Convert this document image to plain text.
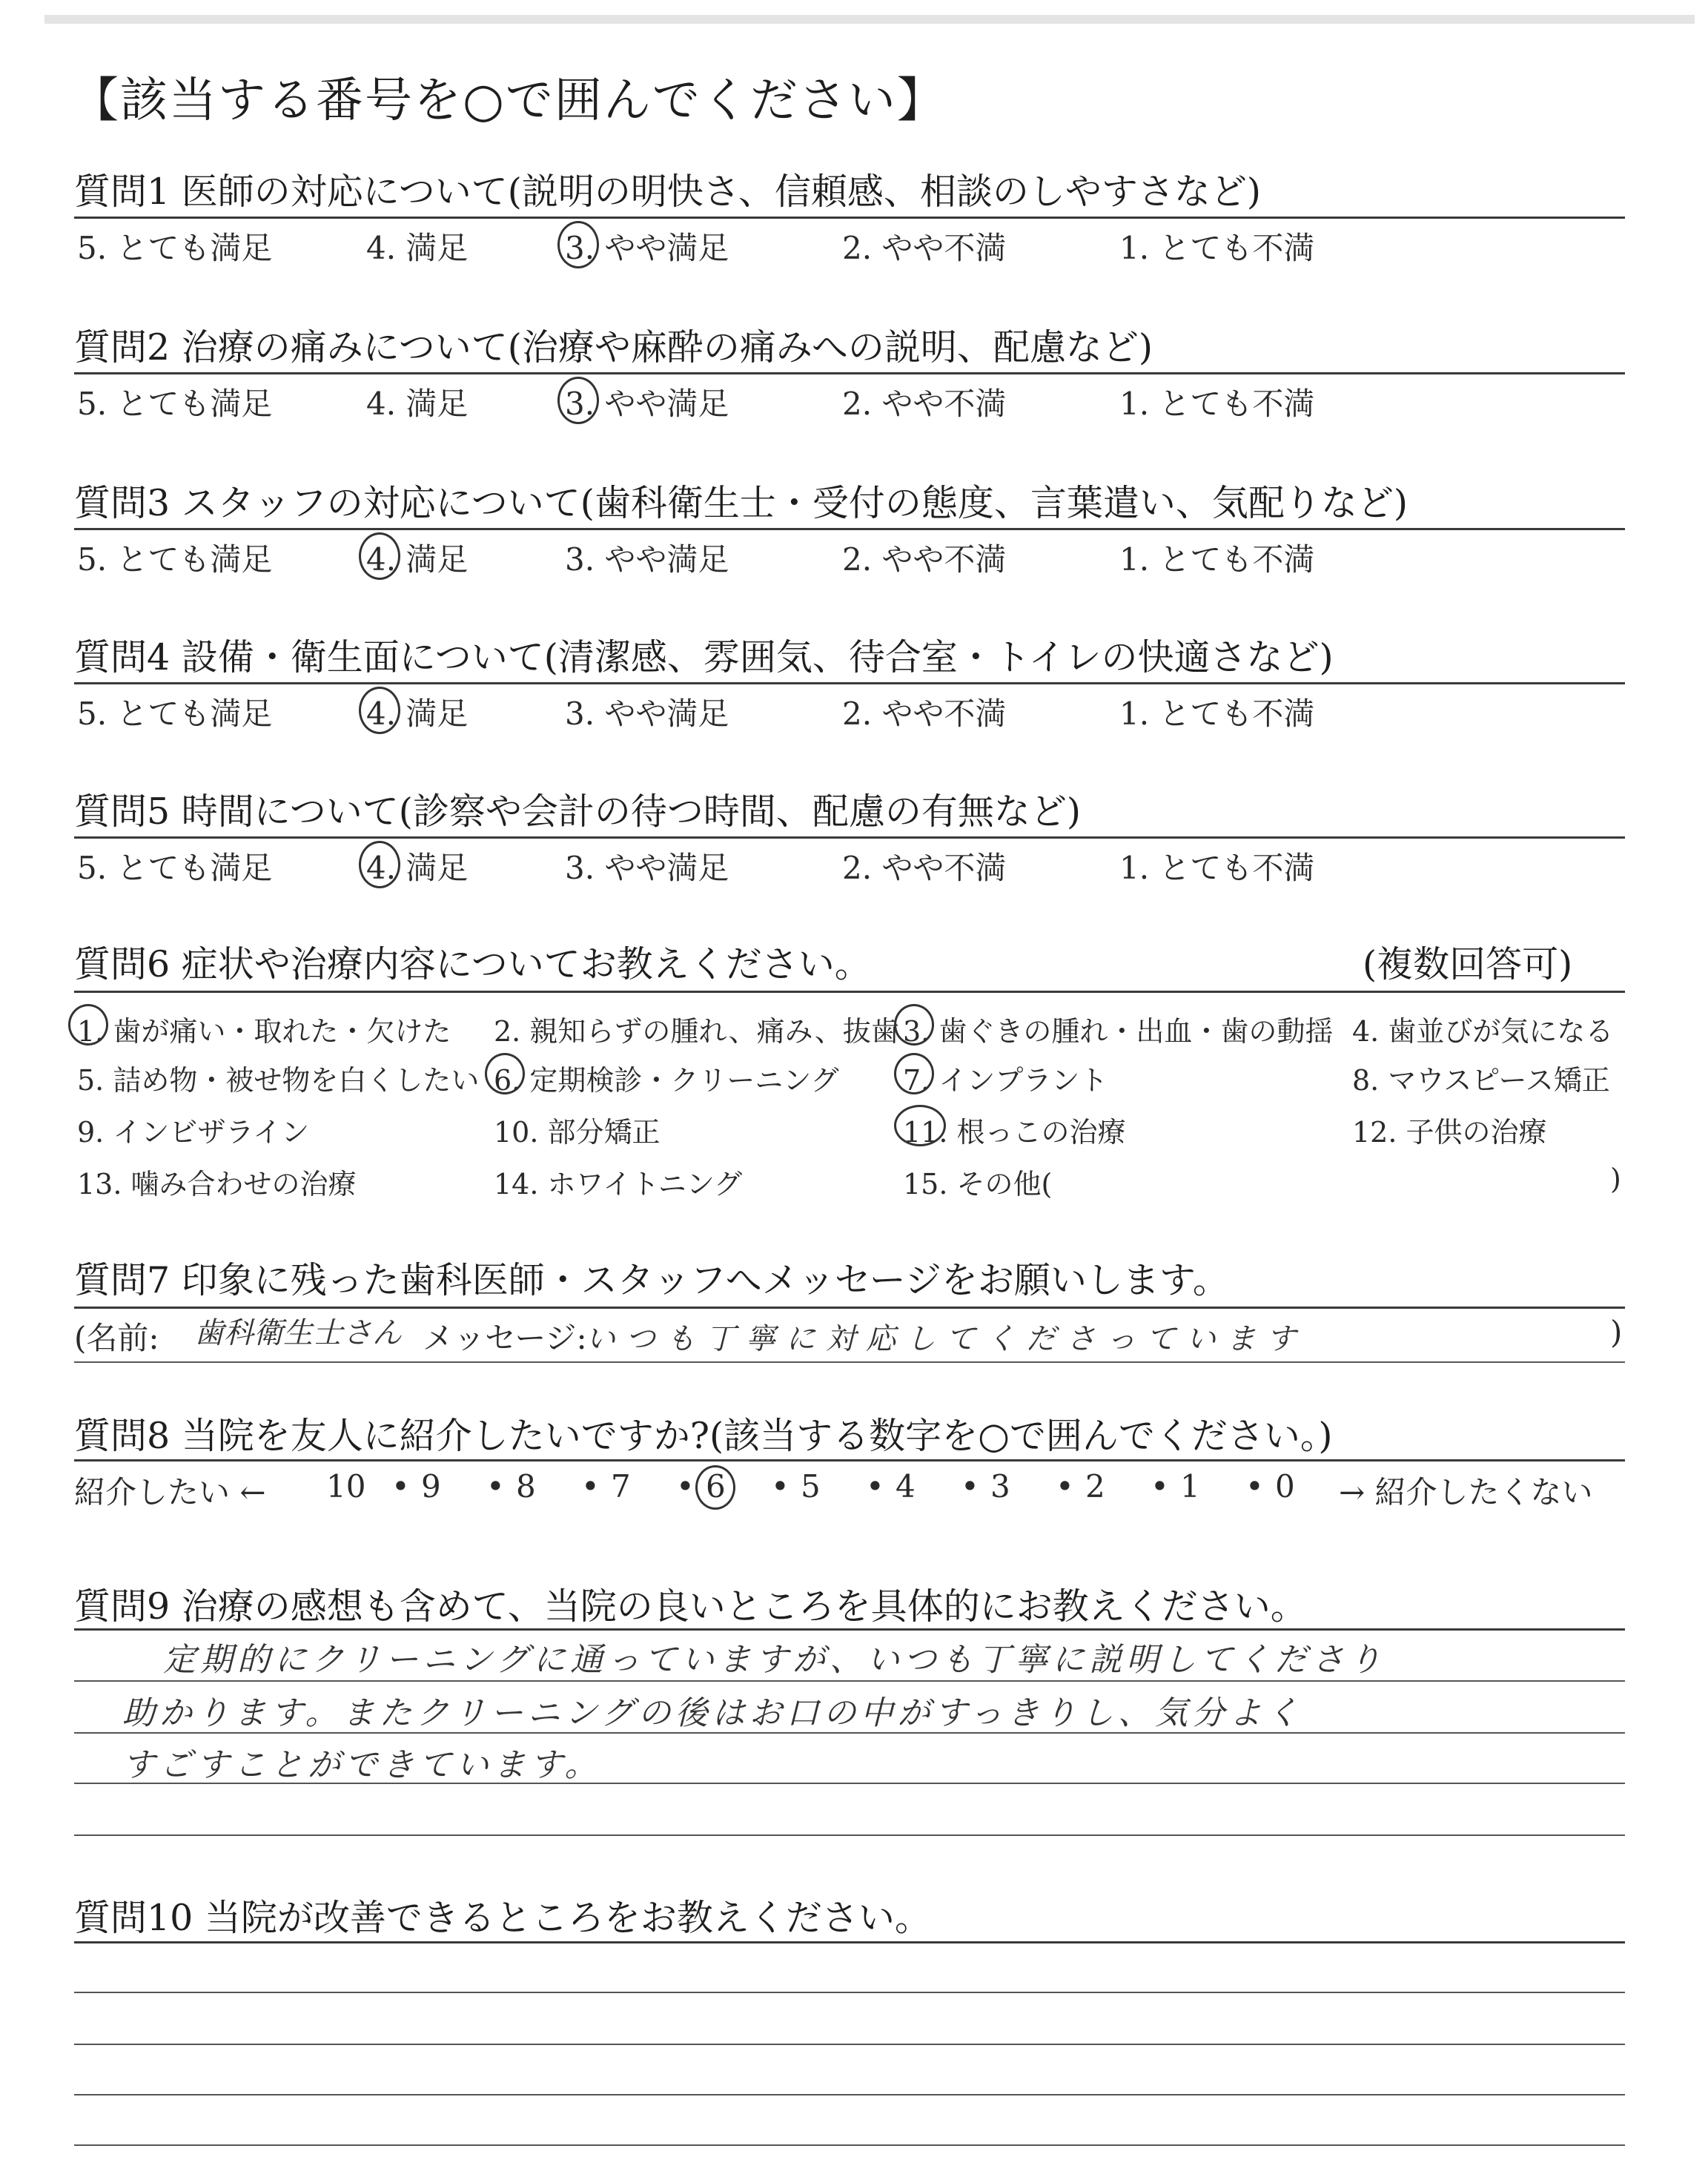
【該当する番号を○で囲んでください】
質問1 医師の対応について(説明の明快さ、信頼感、相談のしやすさなど)
5. とても満足	4. 満足	3. やや満足	2. やや不満	1. とても不満
質問2 治療の痛みについて(治療や麻酔の痛みへの説明、配慮など)
5. とても満足	4. 満足	3. やや満足	2. やや不満	1. とても不満
質問3 スタッフの対応について(歯科衛生士・受付の態度、言葉遣い、気配りなど)
5. とても満足	4. 満足	3. やや満足	2. やや不満	1. とても不満
質問4 設備・衛生面について(清潔感、雰囲気、待合室・トイレの快適さなど)
5. とても満足	4. 満足	3. やや満足	2. やや不満	1. とても不満
質問5 時間について(診察や会計の待つ時間、配慮の有無など)
5. とても満足	4. 満足	3. やや満足	2. やや不満	1. とても不満
質問6 症状や治療内容についてお教えください。	(複数回答可)
1. 歯が痛い・取れた・欠けた 2. 親知らずの腫れ、痛み、抜歯 3. 歯ぐきの腫れ・出血・歯の動揺 4. 歯並びが気になる
5. 詰め物・被せ物を白くしたい 6. 定期検診・クリーニング 7. インプラント	8. マウスピース矯正
9. インビザライン	10. 部分矯正	11. 根っこの治療	12. 子供の治療
13. 噛み合わせの治療	14. ホワイトニング	15. その他(	)
質問7 印象に残った歯科医師・スタッフへメッセージをお願いします。
(名前: 歯科衛生士さん メッセージ:
いつも丁寧に対応してくださっています	)
質問8 当院を友人に紹介したいですか?(該当する数字を○で囲んでください。)
紹介したい ← 10 • 9 • 8 • 7 • 6 • 5 • 4 • 3 • 2 • 1 • 0 → 紹介したくない
質問9 治療の感想も含めて、当院の良いところを具体的にお教えください。
定期的にクリーニングに通っていますが、いつも丁寧に説明してくださり
助かります。またクリーニングの後はお口の中がすっきりし、気分よく
すごすことができています。
質問10 当院が改善できるところをお教えください。
